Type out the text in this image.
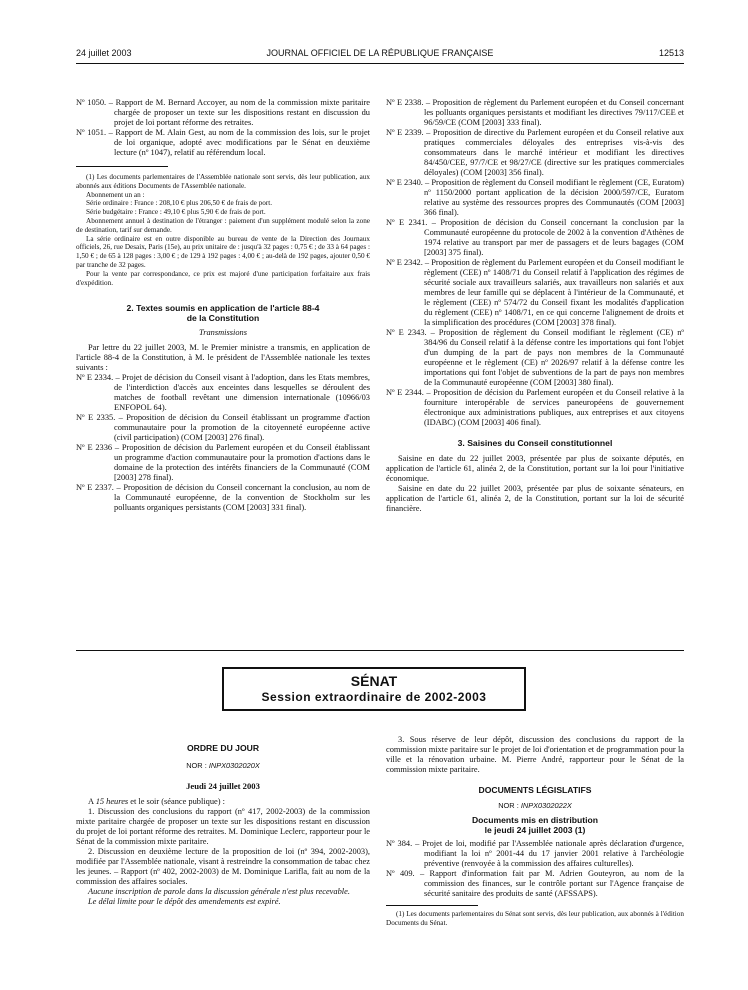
24 juillet 2003	JOURNAL OFFICIEL DE LA RÉPUBLIQUE FRANÇAISE	12513

Nº 1050. – Rapport de M. Bernard Accoyer, au nom de la commission mixte paritaire chargée de proposer un texte sur les dispositions restant en discussion du projet de loi portant réforme des retraites.

Nº 1051. – Rapport de M. Alain Gest, au nom de la commission des lois, sur le projet de loi organique, adopté avec modifications par le Sénat en deuxième lecture (nº 1047), relatif au référendum local.

(1) Les documents parlementaires de l'Assemblée nationale sont servis, dès leur publication, aux abonnés aux éditions Documents de l'Assemblée nationale.

Abonnement un an :

Série ordinaire : France : 208,10 € plus 206,50 € de frais de port.

Série budgétaire : France : 49,10 € plus 5,90 € de frais de port.

Abonnement annuel à destination de l'étranger : paiement d'un supplément modulé selon la zone de destination, tarif sur demande.

La série ordinaire est en outre disponible au bureau de vente de la Direction des Journaux officiels, 26, rue Desaix, Paris (15e), au prix unitaire de : jusqu'à 32 pages : 0,75 € ; de 33 à 64 pages : 1,50 € ; de 65 à 128 pages : 3,00 € ; de 129 à 192 pages : 4,00 € ; au-delà de 192 pages, ajouter 0,50 € par tranche de 32 pages.

Pour la vente par correspondance, ce prix est majoré d'une participation forfaitaire aux frais d'expédition.

2. Textes soumis en application de l'article 88-4

de la Constitution

Transmissions

Par lettre du 22 juillet 2003, M. le Premier ministre a transmis, en application de l'article 88-4 de la Constitution, à M. le président de l'Assemblée nationale les textes suivants :

Nº E 2334. – Projet de décision du Conseil visant à l'adoption, dans les Etats membres, de l'interdiction d'accès aux enceintes dans lesquelles se déroulent des matches de football revêtant une dimension internationale (10966/03 ENFOPOL 64).

Nº E 2335. – Proposition de décision du Conseil établissant un programme d'action communautaire pour la promotion de la citoyenneté européenne active (civil participation) (COM [2003] 276 final).

Nº E 2336 – Proposition de décision du Parlement européen et du Conseil établissant un programme d'action communautaire pour la promotion d'actions dans le domaine de la protection des intérêts financiers de la Communauté (COM [2003] 278 final).

Nº E 2337. – Proposition de décision du Conseil concernant la conclusion, au nom de la Communauté européenne, de la convention de Stockholm sur les polluants organiques persistants (COM [2003] 331 final).

Nº E 2338. – Proposition de règlement du Parlement européen et du Conseil concernant les polluants organiques persistants et modifiant les directives 79/117/CEE et 96/59/CE (COM [2003] 333 final).

Nº E 2339. – Proposition de directive du Parlement européen et du Conseil relative aux pratiques commerciales déloyales des entreprises vis-à-vis des consommateurs dans le marché intérieur et modifiant les directives 84/450/CEE, 97/7/CE et 98/27/CE (directive sur les pratiques commerciales déloyales) (COM [2003] 356 final).

Nº E 2340. – Proposition de règlement du Conseil modifiant le règlement (CE, Euratom) nº 1150/2000 portant application de la décision 2000/597/CE, Euratom relative au système des ressources propres des Communautés (COM [2003] 366 final).

Nº E 2341. – Proposition de décision du Conseil concernant la conclusion par la Communauté européenne du protocole de 2002 à la convention d'Athènes de 1974 relative au transport par mer de passagers et de leurs bagages (COM [2003] 375 final).

Nº E 2342. – Proposition de règlement du Parlement européen et du Conseil modifiant le règlement (CEE) nº 1408/71 du Conseil relatif à l'application des régimes de sécurité sociale aux travailleurs salariés, aux travailleurs non salariés et aux membres de leur famille qui se déplacent à l'intérieur de la Communauté, et le règlement (CEE) nº 574/72 du Conseil fixant les modalités d'application du règlement (CEE) nº 1408/71, en ce qui concerne l'alignement de droits et la simplification des procédures (COM [2003] 378 final).

Nº E 2343. – Proposition de règlement du Conseil modifiant le règlement (CE) nº 384/96 du Conseil relatif à la défense contre les importations qui font l'objet d'un dumping de la part de pays non membres de la Communauté européenne et le règlement (CE) nº 2026/97 relatif à la défense contre les importations qui font l'objet de subventions de la part de pays non membres de la Communauté européenne (COM [2003] 380 final).

Nº E 2344. – Proposition de décision du Parlement européen et du Conseil relative à la fourniture interopérable de services paneuropéens de gouvernement électronique aux administrations publiques, aux entreprises et aux citoyens (IDABC) (COM [2003] 406 final).

3. Saisines du Conseil constitutionnel

Saisine en date du 22 juillet 2003, présentée par plus de soixante députés, en application de l'article 61, alinéa 2, de la Constitution, portant sur la loi pour l'initiative économique.

Saisine en date du 22 juillet 2003, présentée par plus de soixante sénateurs, en application de l'article 61, alinéa 2, de la Constitution, portant sur la loi de sécurité financière.

SÉNAT
Session extraordinaire de 2002-2003

ORDRE DU JOUR

NOR : INPX0302020X

Jeudi 24 juillet 2003

A 15 heures et le soir (séance publique) :

1. Discussion des conclusions du rapport (nº 417, 2002-2003) de la commission mixte paritaire chargée de proposer un texte sur les dispositions restant en discussion du projet de loi portant réforme des retraites. M. Dominique Leclerc, rapporteur pour le Sénat de la commission mixte paritaire.

2. Discussion en deuxième lecture de la proposition de loi (nº 394, 2002-2003), modifiée par l'Assemblée nationale, visant à restreindre la consommation de tabac chez les jeunes. – Rapport (nº 402, 2002-2003) de M. Dominique Larifla, fait au nom de la commission des affaires sociales.

Aucune inscription de parole dans la discussion générale n'est plus recevable.

Le délai limite pour le dépôt des amendements est expiré.

3. Sous réserve de leur dépôt, discussion des conclusions du rapport de la commission mixte paritaire sur le projet de loi d'orientation et de programmation pour la ville et la rénovation urbaine. M. Pierre André, rapporteur pour le Sénat de la commission mixte paritaire.

DOCUMENTS LÉGISLATIFS

NOR : INPX0302022X

Documents mis en distribution

le jeudi 24 juillet 2003 (1)

Nº 384. – Projet de loi, modifié par l'Assemblée nationale après déclaration d'urgence, modifiant la loi nº 2001-44 du 17 janvier 2001 relative à l'archéologie préventive (renvoyée à la commission des affaires culturelles).

Nº 409. – Rapport d'information fait par M. Adrien Gouteyron, au nom de la commission des finances, sur le contrôle portant sur l'Agence française de sécurité sanitaire des produits de santé (AFSSAPS).

(1) Les documents parlementaires du Sénat sont servis, dès leur publication, aux abonnés à l'édition Documents du Sénat.
